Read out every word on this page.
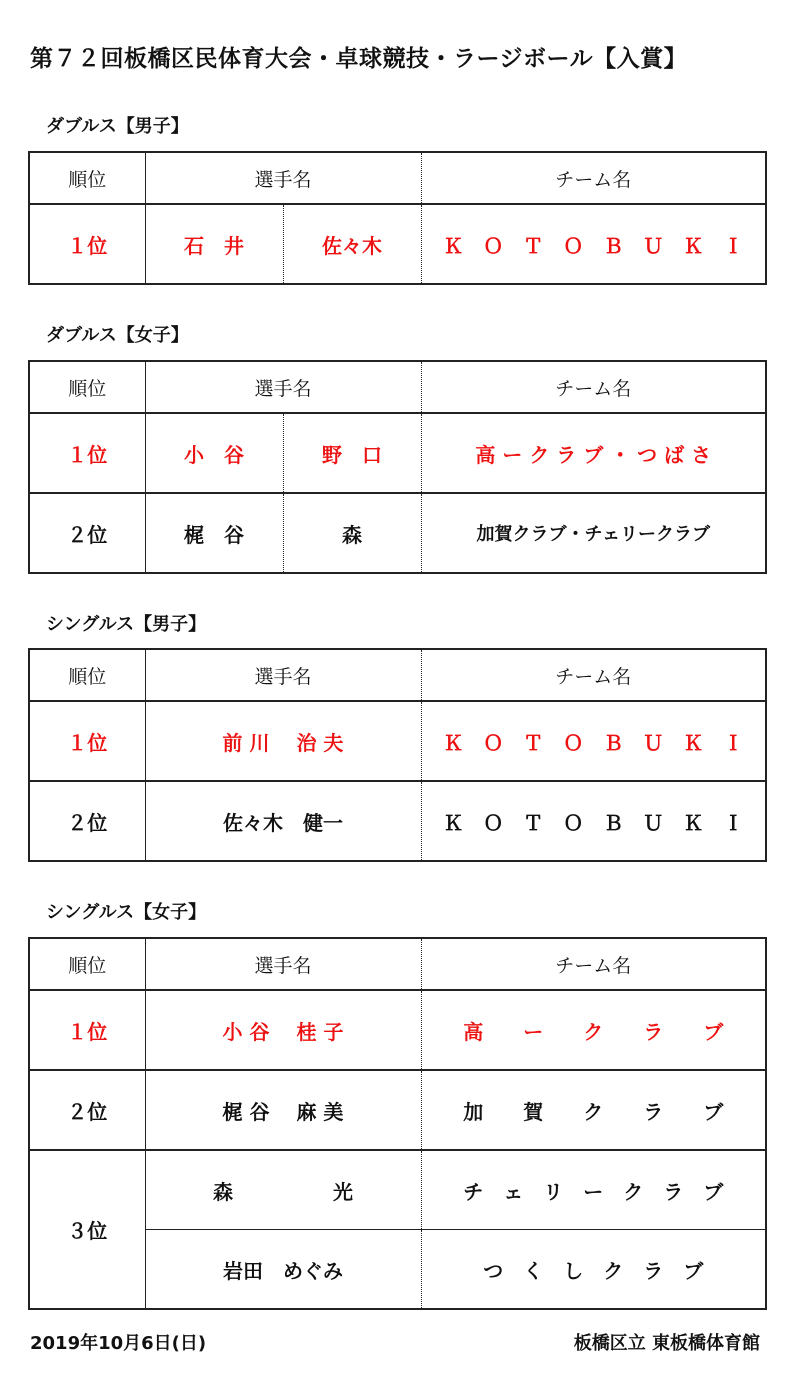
第７２回板橋区民体育大会・卓球競技・ラージボール【入賞】
ダブルス【男子】
順位	選手名		チーム名
１位	石　井	佐々木	Ｋ　Ｏ　Ｔ　Ｏ　Ｂ　Ｕ　Ｋ　Ｉ
ダブルス【女子】
順位	選手名		チーム名
１位	小　谷	野　口	高 ー ク ラ ブ ・ つ ば さ
２位	梶　谷	森	加賀クラブ・チェリークラブ
シングルス【男子】
順位	選手名	チーム名
１位	前 川　 治 夫	Ｋ　Ｏ　Ｔ　Ｏ　Ｂ　Ｕ　Ｋ　Ｉ
２位	佐々木　健一	Ｋ　Ｏ　Ｔ　Ｏ　Ｂ　Ｕ　Ｋ　Ｉ
シングルス【女子】
順位	選手名	チーム名
１位	小 谷　 桂 子	高　　ー　　ク　　ラ　　ブ
２位	梶 谷　 麻 美	加　　賀　　ク　　ラ　　ブ
３位	森　　　　　光	チ　ェ　リ　ー　ク　ラ　ブ
	岩田　めぐみ	つ　く　し　ク　ラ　ブ
2019年10月6日(日)	板橋区立 東板橋体育館
